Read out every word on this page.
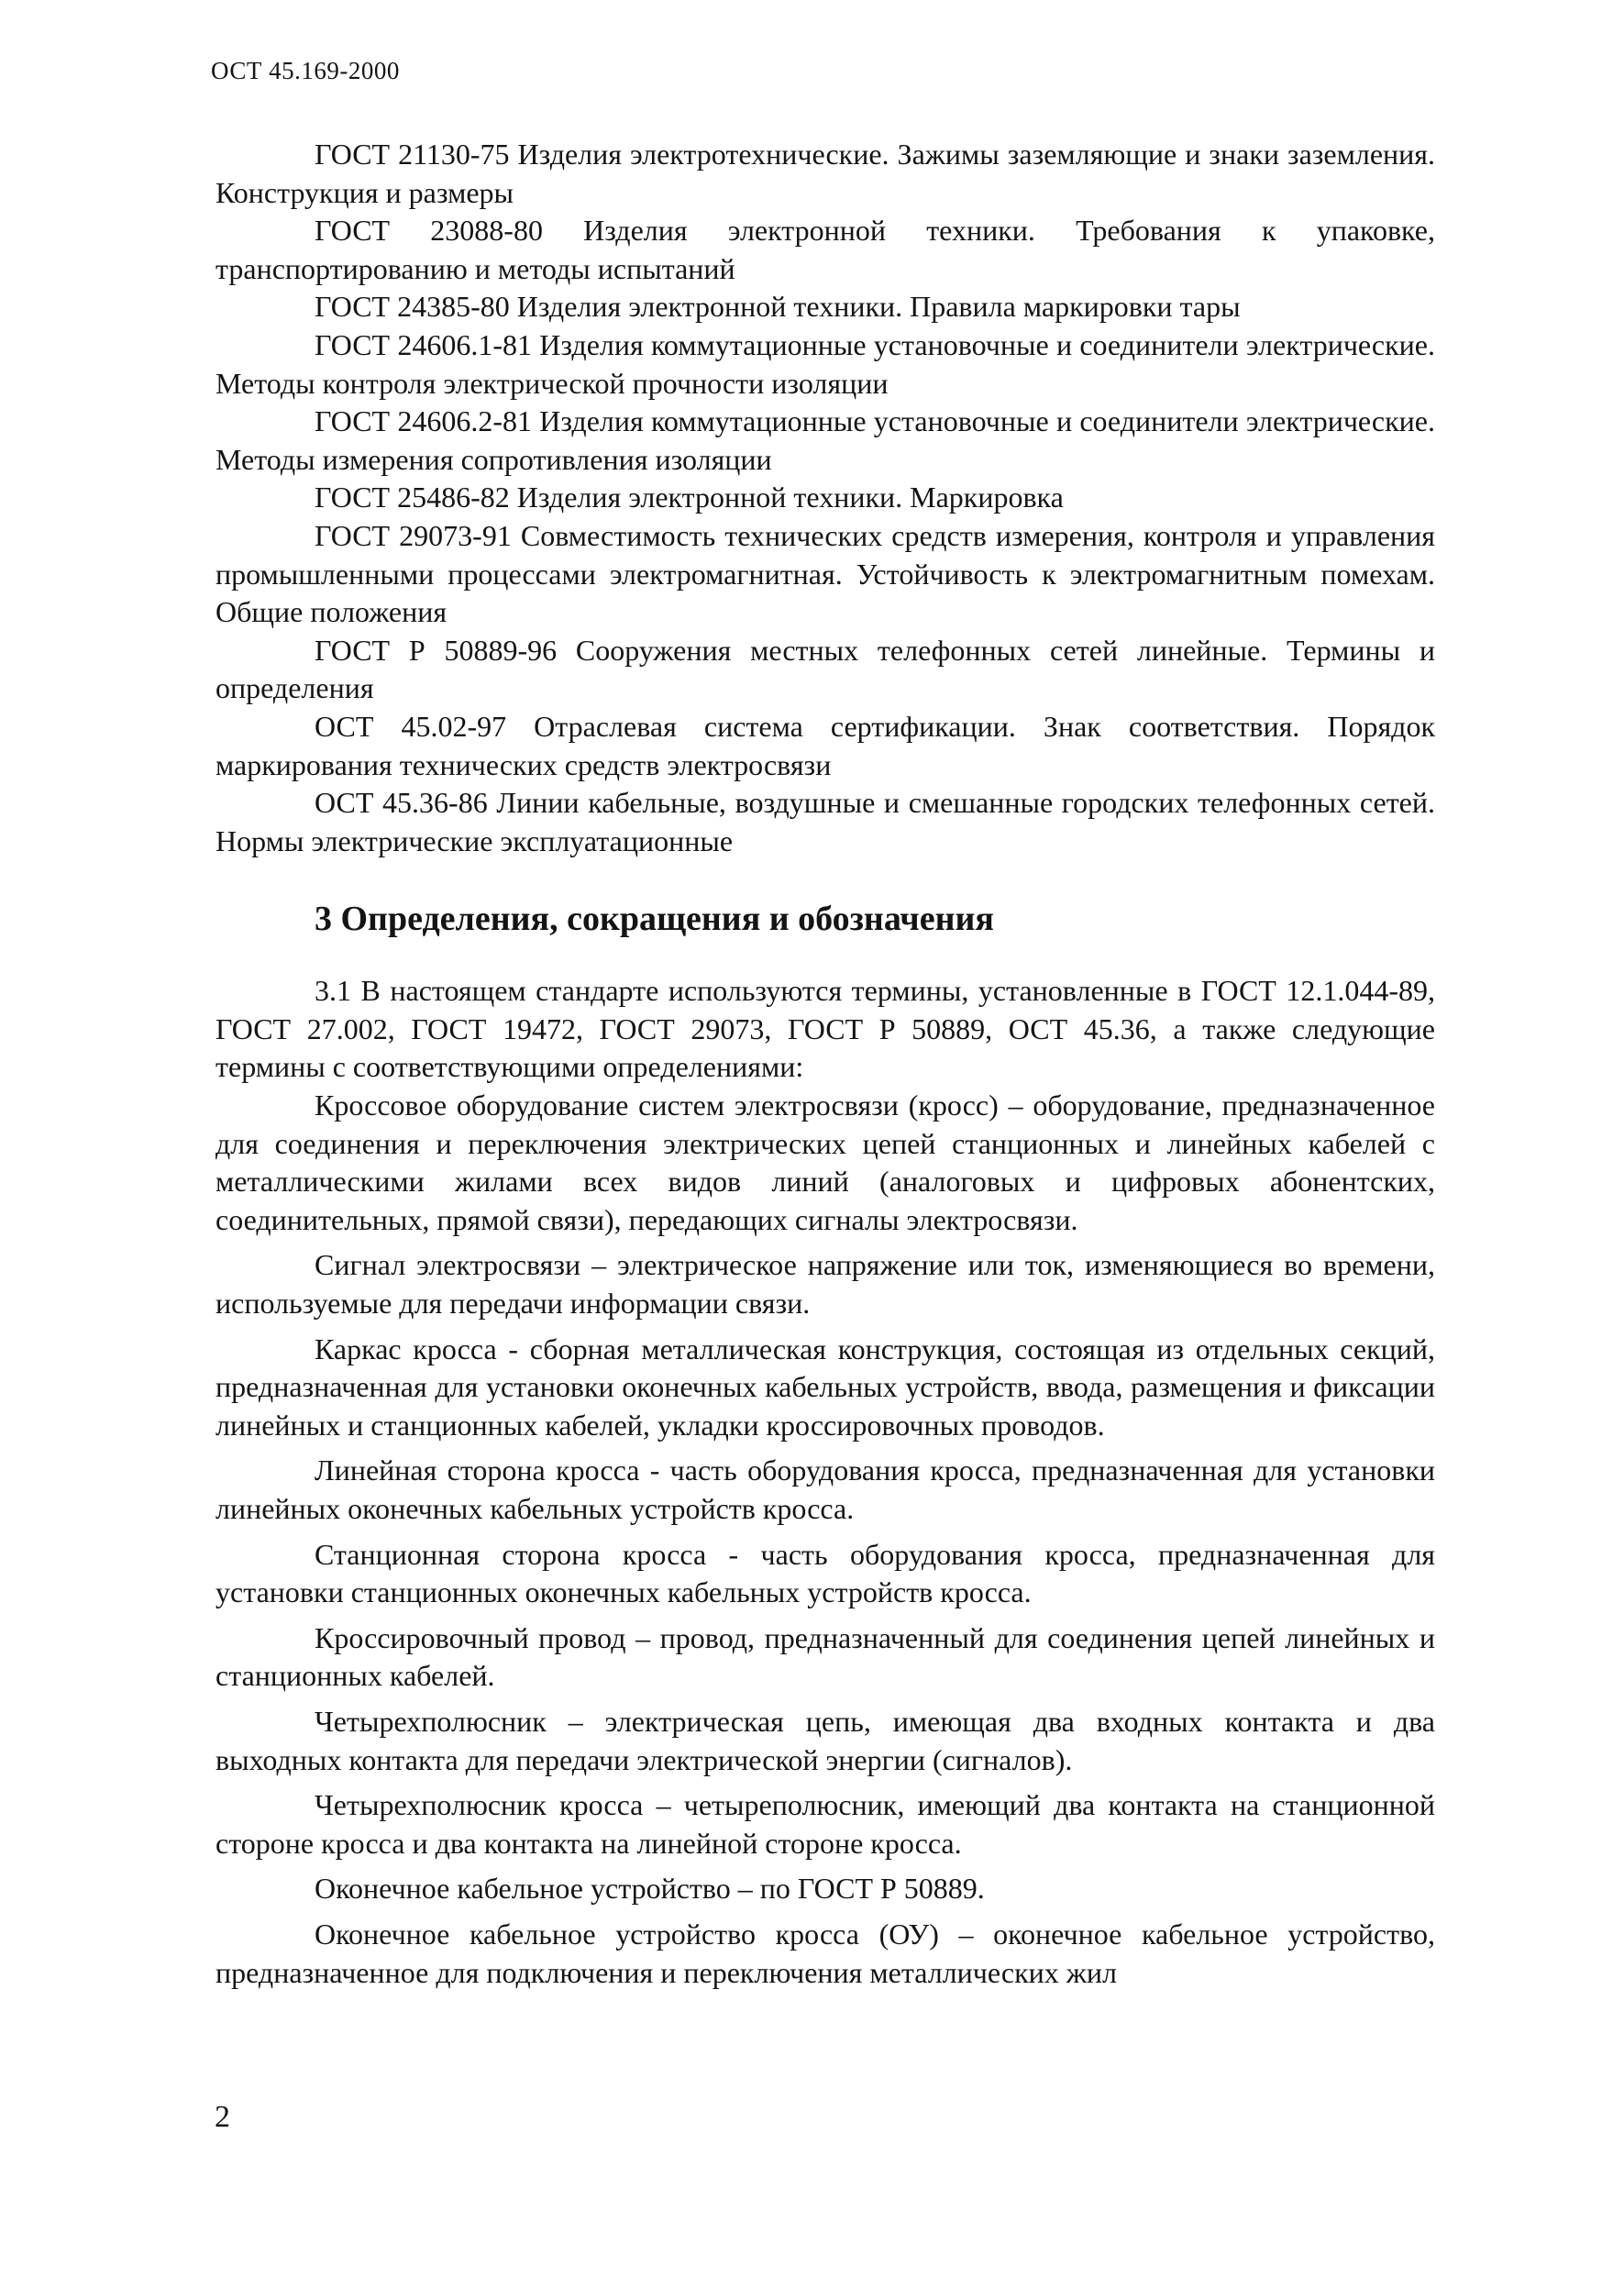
ОСТ 45.169-2000

ГОСТ 21130-75 Изделия электротехнические. Зажимы заземляющие и знаки заземления. Конструкция и размеры

ГОСТ 23088-80 Изделия электронной техники. Требования к упаковке, транспортированию и методы испытаний

ГОСТ 24385-80 Изделия электронной техники. Правила маркировки тары

ГОСТ 24606.1-81 Изделия коммутационные установочные и соединители электрические. Методы контроля электрической прочности изоляции

ГОСТ 24606.2-81 Изделия коммутационные установочные и соединители электрические. Методы измерения сопротивления изоляции

ГОСТ 25486-82 Изделия электронной техники. Маркировка

ГОСТ 29073-91 Совместимость технических средств измерения, контроля и управления промышленными процессами электромагнитная. Устойчивость к электромагнитным помехам. Общие положения

ГОСТ Р 50889-96 Сооружения местных телефонных сетей линейные. Термины и определения

ОСТ 45.02-97 Отраслевая система сертификации. Знак соответствия. Порядок маркирования технических средств электросвязи

ОСТ 45.36-86 Линии кабельные, воздушные и смешанные городских телефонных сетей. Нормы электрические эксплуатационные

3 Определения, сокращения и обозначения

3.1 В настоящем стандарте используются термины, установленные в ГОСТ 12.1.044-89, ГОСТ 27.002, ГОСТ 19472, ГОСТ 29073, ГОСТ Р 50889, ОСТ 45.36, а также следующие термины с соответствующими определениями:

Кроссовое оборудование систем электросвязи (кросс) – оборудование, предназначенное для соединения и переключения электрических цепей станционных и линейных кабелей с металлическими жилами всех видов линий (аналоговых и цифровых абонентских, соединительных, прямой связи), передающих сигналы электросвязи.

Сигнал электросвязи – электрическое напряжение или ток, изменяющиеся во времени, используемые для передачи информации связи.

Каркас кросса - сборная металлическая конструкция, состоящая из отдельных секций, предназначенная для установки оконечных кабельных устройств, ввода, размещения и фиксации линейных и станционных кабелей, укладки кроссировочных проводов.

Линейная сторона кросса - часть оборудования кросса, предназначенная для установки линейных оконечных кабельных устройств кросса.

Станционная сторона кросса - часть оборудования кросса, предназначенная для установки станционных оконечных кабельных устройств кросса.

Кроссировочный провод – провод, предназначенный для соединения цепей линейных и станционных кабелей.

Четырехполюсник – электрическая цепь, имеющая два входных контакта и два выходных контакта для передачи электрической энергии (сигналов).

Четырехполюсник кросса – четыреполюсник, имеющий два контакта на станционной стороне кросса и два контакта на линейной стороне кросса.

Оконечное кабельное устройство – по ГОСТ Р 50889.

Оконечное кабельное устройство кросса (ОУ) – оконечное кабельное устройство, предназначенное для подключения и переключения металлических жил

2
